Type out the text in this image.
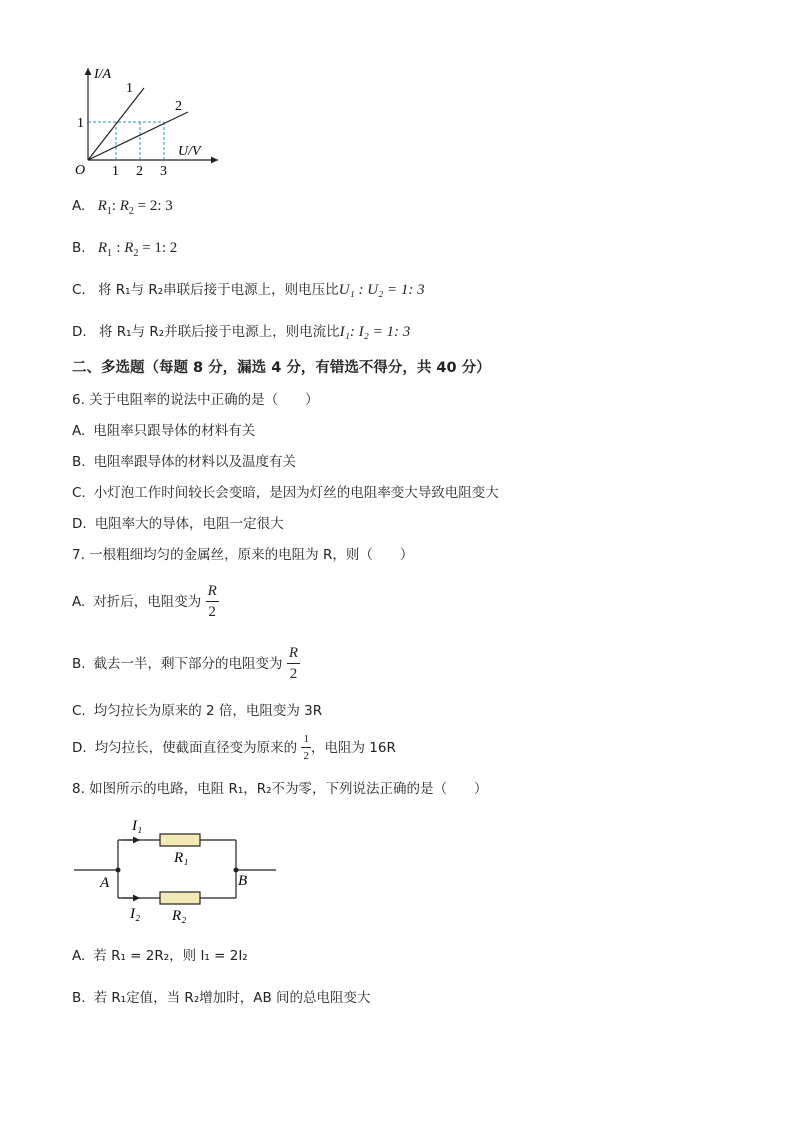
I/A
U/V
O
1
2
1
1 2 3
A. $R_1$ : $R_2 = 2$: 3
B. $R_1$ : $R_2 = 1$: 2
C. 将 R₁与 R₂串联后接于电源上，则电压比U₁ : U₂ = 1: 3
D. 将 R₁与 R₂并联后接于电源上，则电流比I₁: I₂ = 1: 3
二、多选题（每题 8 分，漏选 4 分，有错选不得分，共 40 分）
6. 关于电阻率的说法中正确的是（　　）
A. 电阻率只跟导体的材料有关
B. 电阻率跟导体的材料以及温度有关
C. 小灯泡工作时间较长会变暗，是因为灯丝的电阻率变大导致电阻变大
D. 电阻率大的导体，电阻一定很大
7. 一根粗细均匀的金属丝，原来的电阻为 R，则（　　）
A. 对折后，电阻变为 $\frac{R}{2}$
B. 截去一半，剩下部分的电阻变为 $\frac{R}{2}$
C. 均匀拉长为原来的 2 倍，电阻变为 3R
D. 均匀拉长，使截面直径变为原来的 $\frac{1}{2}$ ，电阻为 16R
8. 如图所示的电路，电阻 R₁，R₂不为零，下列说法正确的是（　　）
I₁
I₂
R₁
R₂
A	B
A. 若 R₁ = 2R₂，则 I₁ = 2I₂
B. 若 R₁定值，当 R₂增加时，AB 间的总电阻变大
